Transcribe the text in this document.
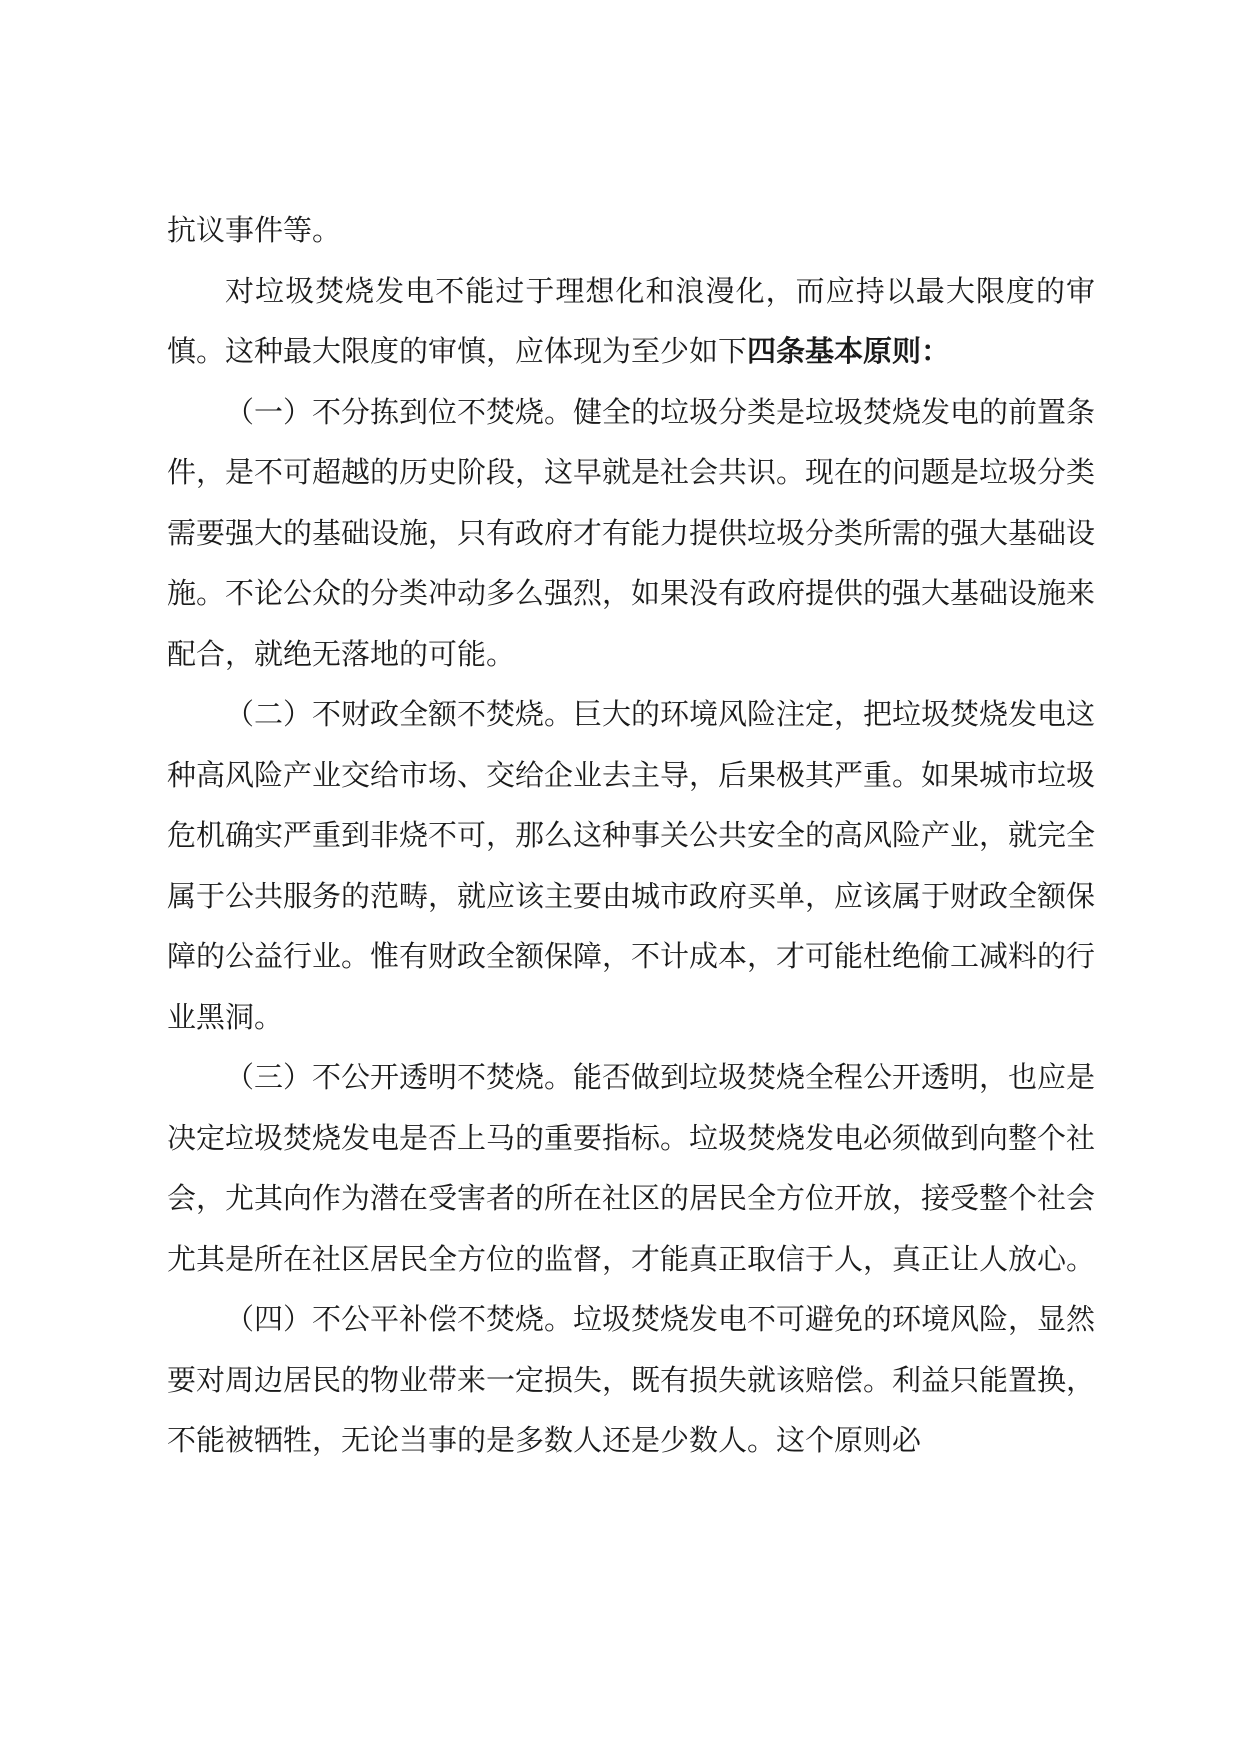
抗议事件等。

对垃圾焚烧发电不能过于理想化和浪漫化，而应持以最大限度的审慎。这种最大限度的审慎，应体现为至少如下四条基本原则：

（一）不分拣到位不焚烧。健全的垃圾分类是垃圾焚烧发电的前置条件，是不可超越的历史阶段，这早就是社会共识。现在的问题是垃圾分类需要强大的基础设施，只有政府才有能力提供垃圾分类所需的强大基础设施。不论公众的分类冲动多么强烈，如果没有政府提供的强大基础设施来配合，就绝无落地的可能。

（二）不财政全额不焚烧。巨大的环境风险注定，把垃圾焚烧发电这种高风险产业交给市场、交给企业去主导，后果极其严重。如果城市垃圾危机确实严重到非烧不可，那么这种事关公共安全的高风险产业，就完全属于公共服务的范畴，就应该主要由城市政府买单，应该属于财政全额保障的公益行业。惟有财政全额保障，不计成本，才可能杜绝偷工减料的行业黑洞。

（三）不公开透明不焚烧。能否做到垃圾焚烧全程公开透明，也应是决定垃圾焚烧发电是否上马的重要指标。垃圾焚烧发电必须做到向整个社会，尤其向作为潜在受害者的所在社区的居民全方位开放，接受整个社会尤其是所在社区居民全方位的监督，才能真正取信于人，真正让人放心。

（四）不公平补偿不焚烧。垃圾焚烧发电不可避免的环境风险，显然要对周边居民的物业带来一定损失，既有损失就该赔偿。利益只能置换，不能被牺牲，无论当事的是多数人还是少数人。这个原则必
